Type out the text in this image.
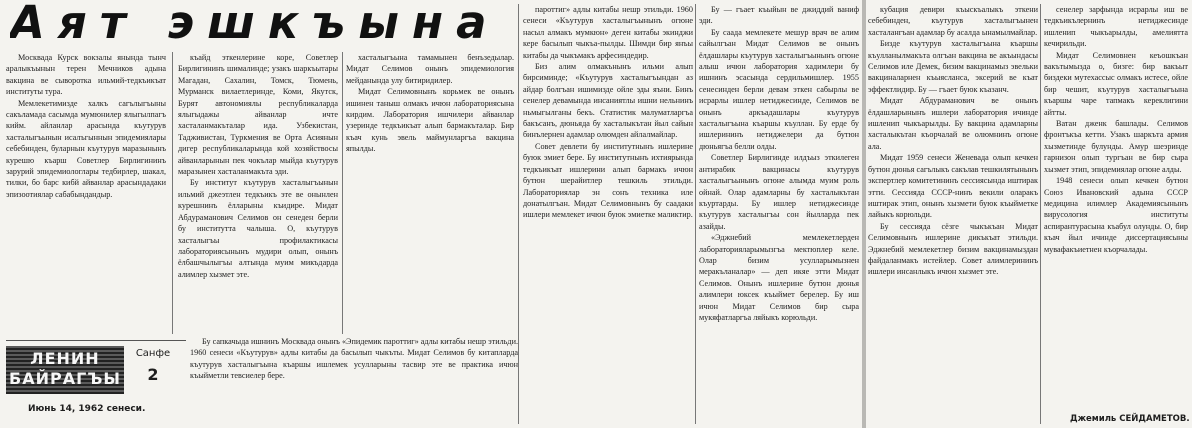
Аят эшкъына

Москвада Курск вокзалы янында тынч аралыкъынын терен Мечников адына вакцина ве сыворотка ильмий-тедкъикъат институты тура.

Мемлекетимизде халкъ сагълыгъыны сакъламада сасымда мумюнилер ялыгылпагъ кийм. айланлар арасында къутурув хасталыгъынын исалъгыннын эпидемиялары себебинден, буларнын къутурув маразынынъ курешю къарш Советлер Бирлигининъ зарурий эпидемиологлары тедбирлер, шакал, тилки, бо барс кибй айванлар арасындадаки эпизоотиялар сабабындандыр.

къайд эткенлерине коре, Советлер Бирлигининъ шималинде; узакъ шаркъытары Магадан, Сахалин, Томск, Тюмень, Мурманск вилаетлеринде, Коми, Якутск, Бурят автономиялы республикаларда ялыгыдажы айванлар ичте хасталанмакъталар ида. Узбекистан, Тадживистан, Туркмения ве Орта Асиянын дигер республикаларында кой хозяйствосы айванларынын пек чокълар мыйда къутурув маразынен хасталанмакъта эди.

Бу институт къутурув хасталыгъынын ильмий джеэтлен тедкъикъ эте ве онынлен курешнинъ ёлларыны къидире. Мидат Абдураманович Селимов он сенеден берли бу институтта чалыша. О, къутурув хасталыгъы профилактикасы лабораториясынынъ мудири олып, онынъ ёлбашчылыгъы алтында муим микъдарда алимлер хызмет эте.

хасталыгъына тамамынен бенъзедылар. Мидат Селимов онынъ эпидемиология мейданында улу битиридилер.

Мидат Селимовнынъ корьмек ве онынъ ишинен таныш олмакъ ичюн лабораториясына кирдим. Лаборатория ишчилери айванлар узеринде тедкъикъат алып бармакъталар. Бир къач кунь эвель маймунларгъа вакцина япылды.

Бу сапкачыда ишнинъ Москвада онынъ «Эпидемик пароттиг» адлы китабы нешр этильди. 1960 сенеси «Къутурув» адлы китабы да басылып чыкъты. Мидат Селимов бу китапларда къутурув хасталыгъына къаршы ишлемек усулларыны тасвир эте ве практика ичюн къыйметли тевсиелер бере.

пароттиг» адлы китабы нешр этильди. 1960 сенеси «Къутурув хасталыгъынынъ огюне насыл алмакъ мумкюн» деген китабы экинджи кере басылып чыкъа-пылды. Шимди бир янъы китабы да чыкъмакъ арфесиндедир.

Биз алим олмакънынъ ильми алып бирсиминде; «Къутурув хасталыгъындан аз айдар болгъан ишимизде ойле эды яъни. Бинъ сенелер девамында инсаниятлы ишни нельнинъ ньмыгылганы бекъ. Статистик малуматларгъа бакъсанъ, дюньяда бу хасталыкътан йыл сайын бинълернен адамлар олюмден айлалмайлар.

Совет девлети бу институтнынъ ишлерине буюк эмиет бере. Бу институтнынъ ихтиярында тедкъикъат ишлерини алып бармакъ ичюн бутюн шерайитлер тешкиль этильди. Лабораториялар эн сонъ техника иле донатылгъан. Мидат Селимовнынъ бу саадаки ишлери мемлекет ичюн буюк эмиетке маликтир.

Бу — гъает къыйын ве джиддий ваниф эди.

Бу саада мемлекете мешур врач ве алим сайылгъан Мидат Селимов ве онынъ ёлдашлары къутурув хасталыгъынынъ огюне алыш ичюн лаборатория хадимлери бу ишнинъ эсасында сердильмишлер. 1955 сенесинден берли девам эткен сабырлы ве исрарлы ишлер нетиджесинде, Селимов ве онынъ аркъадашлары къутурув хасталыгъына къаршы къуллан. Бу ерде бу ишлерининъ нетиджелери да бутюн дюньягъа белли олды.

Советлер Бирлигинде илдъыз эткилеген антирабик вакцинасы къутурув хасталыгъынынъ огюне алымда муим роль ойнай. Олар адамларны бу хасталыкътан къуртарды. Бу ишлер нетиджесинде къутурув хасталыгъы сон йылларда пек азайды.

«Эджнебий мемлекетлерден лабораторияларымызгъа мектюплер келе. Олар бизим усулларымызнен меракъланалар» — деп икяе этти Мидат Селимов. Онынъ ишлерине бутюн дюнья алимлери юксек къыймет берелер. Бу иш ичюн Мидат Селимов бир сыра мукяфатларгъа ляйыкъ корюльди.

кубация девири къыскъалыкъ эткени себебинден, къутурув хасталыгъынен хасталангъан адамлар бу асалда ынамылмайлар.

Бизде къутурув хасталыгъына къаршы къулланылмакъта олгъан вакцина ве акъындасы Селимов иле Демек, бизим вакцинамыз эвельки вакциналарнен къыясланса, эксерий ве къат эффектлидир. Бу — гъает буюк къазанч.

Мидат Абдураманович ве онынъ ёлдашларынынъ ишлери лаборатория ичинде ишленип чыкъарылды. Бу вакцина адамларны хасталыкътан къорчалай ве олюмнинъ огюне ала.

Мидат 1959 сенеси Женевада олып кечкен бутюн дюнья сагълыкъ сакълав тешкилятынынъ экспертлер комитетининъ сессиясында иштирак этти. Сессияда СССР-нинъ векили оларакъ иштирак этип, онынъ хызмети буюк къыйметке лайыкъ корюльди.

Бу сессияда сёзге чыкъкъан Мидат Селимовнынъ ишлерине дикъкъат этильди. Эджнебий мемлекетлер бизим вакцинамыздан файдаланмакъ истейлер. Совет алимлерининъ ишлери инсанлыкъ ичюн хызмет эте.

сенелер зарфында исрарлы иш ве тедкъикълернинъ нетиджесинде ишленип чыкъарылды, амелиятта кечирильди.

Мидат Селимовнен кеъошкъан вакътымызда о, бизге: бир вакъыт биздеки мутехассыс олмакъ истесе, ойле бир чешит, къутурув хасталыгъына къаршы чаре тапмакъ кереклигини айтты.

Ватан дженк башлады. Селимов фронтъкъа кетти. Узакъ шаркъта армия хызметинде булунды. Амур шеэринде гарнизон олып тургъан ве бир сыра хызмет этип, эпидемиялар огюне алды.

1948 сенеси олып кечкен бутюн Союз Ивановский адына СССР медицина илимлер Академиясынынъ вирусология институты аспирантурасына къабул олунды. О, бир къач йыл ичинде диссертациясыны мувафакъиетнен къорчалады.

ЛЕНИН
БАЙРАГЪЫ
Санфе
2
Июнь 14, 1962 сенеси.
Джемиль СЕЙДАМЕТОВ.
